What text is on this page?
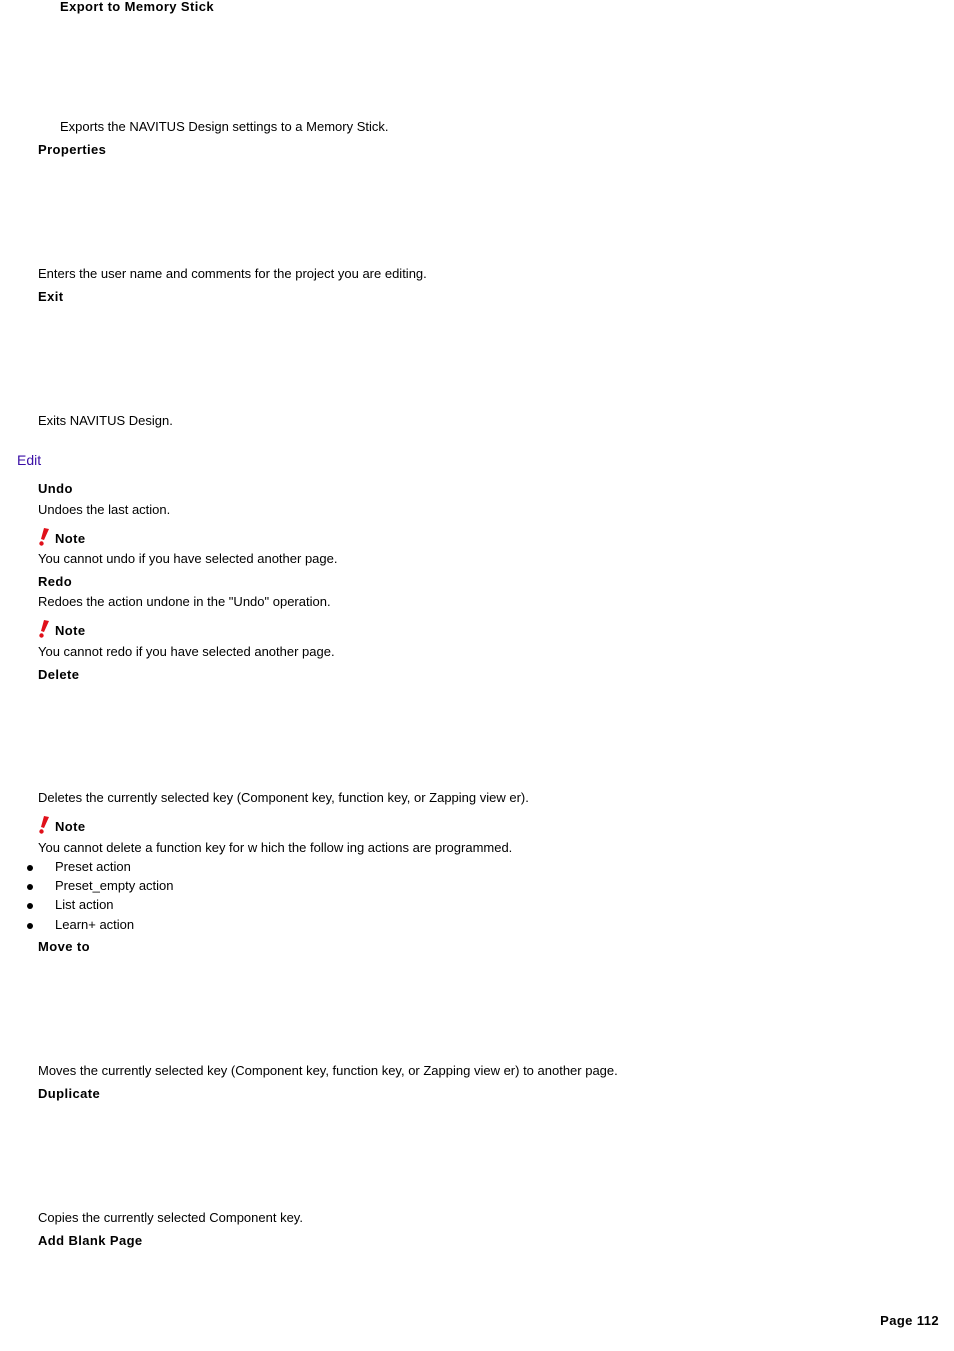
Export to Memory Stick
Exports the NAVITUS Design settings to a Memory Stick.
Properties
Enters the user name and comments for the project you are editing.
Exit
Exits NAVITUS Design.
Edit
Undo
Undoes the last action.
Note
You cannot undo if you have selected another page.
Redo
Redoes the action undone in the "Undo" operation.
Note
You cannot redo if you have selected another page.
Delete
Deletes the currently selected key (Component key, function key, or Zapping view er).
Note
You cannot delete a function key for w hich the follow ing actions are programmed.
Preset action
Preset_empty action
List action
Learn+ action
Move to
Moves the currently selected key (Component key, function key, or Zapping view er) to another page.
Duplicate
Copies the currently selected Component key.
Add Blank Page
Page 112
